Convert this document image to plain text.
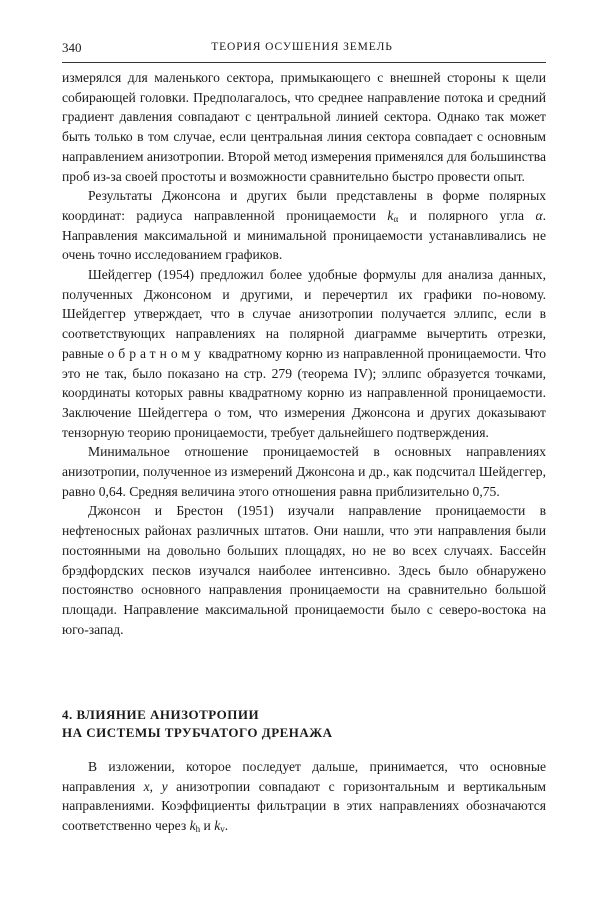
340	ТЕОРИЯ ОСУШЕНИЯ ЗЕМЕЛЬ

измерялся для маленького сектора, примыкающего с внешней стороны к щели собирающей головки. Предполагалось, что среднее направление потока и средний градиент давления совпадают с центральной линией сектора. Однако так может быть только в том случае, если центральная линия сектора совпадает с основным направлением анизотропии. Второй метод измерения применялся для большинства проб из-за своей простоты и возможности сравнительно быстро провести опыт.

Результаты Джонсона и других были представлены в форме полярных координат: радиуса направленной проницаемости $k_\alpha$ и полярного угла α. Направления максимальной и минимальной проницаемости устанавливались не очень точно исследованием графиков.

Шейдеггер (1954) предложил более удобные формулы для анализа данных, полученных Джонсоном и другими, и перечертил их графики по-новому. Шейдеггер утверждает, что в случае анизотропии получается эллипс, если в соответствующих направлениях на полярной диаграмме вычертить отрезки, равные обратному квадратному корню из направленной проницаемости. Что это не так, было показано на стр. 279 (теорема IV); эллипс образуется точками, координаты которых равны квадратному корню из направленной проницаемости. Заключение Шейдеггера о том, что измерения Джонсона и других доказывают тензорную теорию проницаемости, требует дальнейшего подтверждения.

Минимальное отношение проницаемостей в основных направлениях анизотропии, полученное из измерений Джонсона и др., как подсчитал Шейдеггер, равно 0,64. Средняя величина этого отношения равна приблизительно 0,75.

Джонсон и Брестон (1951) изучали направление проницаемости в нефтеносных районах различных штатов. Они нашли, что эти направления были постоянными на довольно больших площадях, но не во всех случаях. Бассейн брэдфордских песков изучался наиболее интенсивно. Здесь было обнаружено постоянство основного направления проницаемости на сравнительно большой площади. Направление максимальной проницаемости было с северо-востока на юго-запад.

4. ВЛИЯНИЕ АНИЗОТРОПИИ
НА СИСТЕМЫ ТРУБЧАТОГО ДРЕНАЖА

В изложении, которое последует дальше, принимается, что основные направления x, y анизотропии совпадают с горизонтальным и вертикальным направлениями. Коэффициенты фильтрации в этих направлениях обозначаются соответственно через $k_h$ и $k_v$.
